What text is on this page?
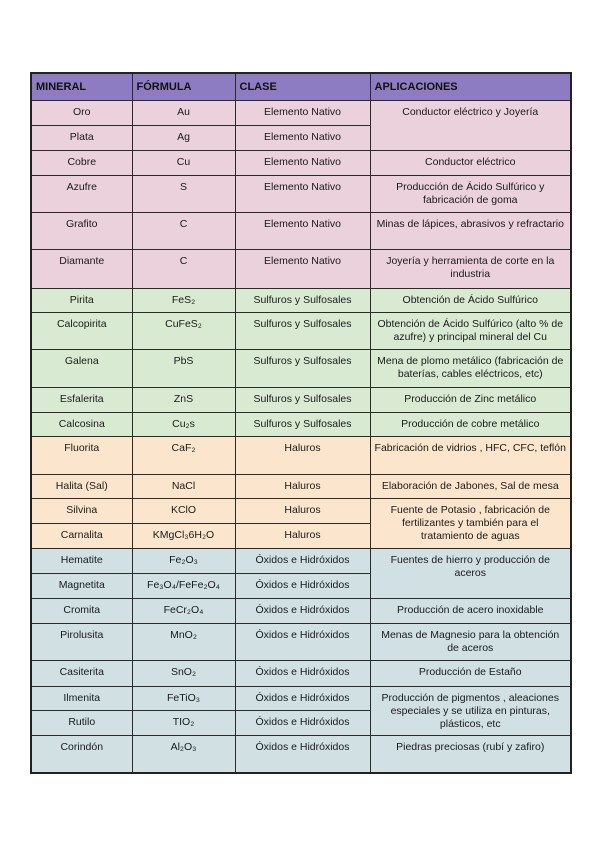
MINERAL	FÓRMULA	CLASE	APLICACIONES
Oro	Au	Elemento Nativo	Conductor eléctrico y Joyería
Plata	Ag	Elemento Nativo	
Cobre	Cu	Elemento Nativo	Conductor eléctrico
Azufre	S	Elemento Nativo	Producción de Ácido Sulfúrico y fabricación de goma
Grafito	C	Elemento Nativo	Minas de lápices, abrasivos y refractario
Diamante	C	Elemento Nativo	Joyería y herramienta de corte en la industria
Pirita	FeS₂	Sulfuros y Sulfosales	Obtención de Ácido Sulfúrico
Calcopirita	CuFeS₂	Sulfuros y Sulfosales	Obtención de Ácido Sulfúrico (alto % de azufre) y principal mineral del Cu
Galena	PbS	Sulfuros y Sulfosales	Mena de plomo metálico (fabricación de baterías, cables eléctricos, etc)
Esfalerita	ZnS	Sulfuros y Sulfosales	Producción de Zinc metálico
Calcosina	Cu₂s	Sulfuros y Sulfosales	Producción de cobre metálico
Fluorita	CaF₂	Haluros	Fabricación de vidrios , HFC, CFC, teflón
Halita (Sal)	NaCl	Haluros	Elaboración de Jabones, Sal de mesa
Silvina	KClO	Haluros	Fuente de Potasio , fabricación de fertilizantes y también para el tratamiento de aguas
Carnalita	KMgCl₃6H₂O	Haluros	
Hematite	Fe₂O₃	Óxidos e Hidróxidos	Fuentes de hierro y producción de aceros
Magnetita	Fe₃O₄/FeFe₂O₄	Óxidos e Hidróxidos	
Cromita	FeCr₂O₄	Óxidos e Hidróxidos	Producción de acero inoxidable
Pirolusita	MnO₂	Óxidos e Hidróxidos	Menas de Magnesio para la obtención de aceros
Casiterita	SnO₂	Óxidos e Hidróxidos	Producción de Estaño
Ilmenita	FeTiO₃	Óxidos e Hidróxidos	Producción de pigmentos , aleaciones especiales y se utiliza en pinturas, plásticos, etc
Rutilo	TIO₂	Óxidos e Hidróxidos	
Corindón	Al₂O₃	Óxidos e Hidróxidos	Piedras preciosas (rubí y zafiro)
